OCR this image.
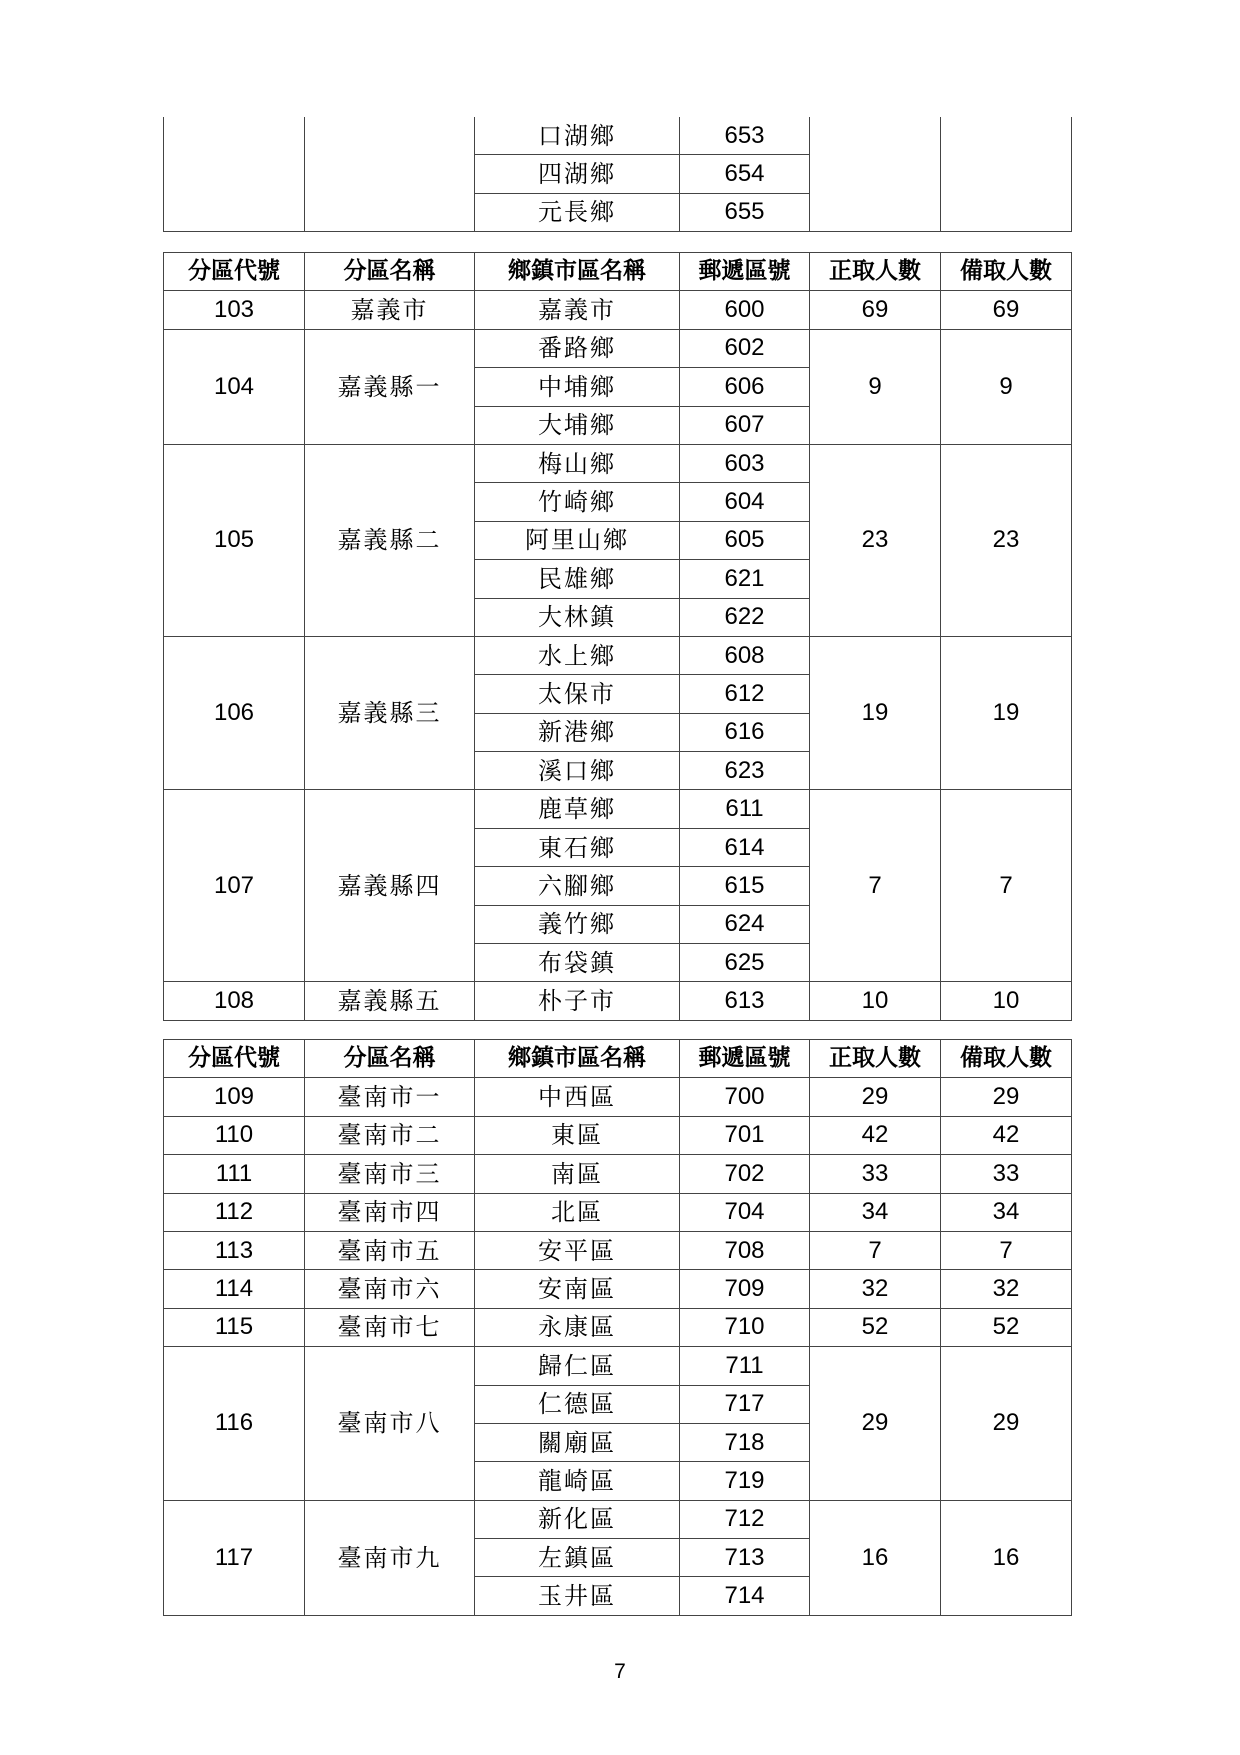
		口湖鄉	653		
		四湖鄉	654		
		元長鄉	655		
分區代號	分區名稱	鄉鎮市區名稱	郵遞區號	正取人數	備取人數
103	嘉義市	嘉義市	600	69	69
104	嘉義縣一	番路鄉	602	9	9
		中埔鄉	606		
		大埔鄉	607		
105	嘉義縣二	梅山鄉	603	23	23
		竹崎鄉	604		
		阿里山鄉	605		
		民雄鄉	621		
		大林鎮	622		
106	嘉義縣三	水上鄉	608	19	19
		太保市	612		
		新港鄉	616		
		溪口鄉	623		
107	嘉義縣四	鹿草鄉	611	7	7
		東石鄉	614		
		六腳鄉	615		
		義竹鄉	624		
		布袋鎮	625		
108	嘉義縣五	朴子市	613	10	10
分區代號	分區名稱	鄉鎮市區名稱	郵遞區號	正取人數	備取人數
109	臺南市一	中西區	700	29	29
110	臺南市二	東區	701	42	42
111	臺南市三	南區	702	33	33
112	臺南市四	北區	704	34	34
113	臺南市五	安平區	708	7	7
114	臺南市六	安南區	709	32	32
115	臺南市七	永康區	710	52	52
116	臺南市八	歸仁區	711	29	29
		仁德區	717		
		關廟區	718		
		龍崎區	719		
117	臺南市九	新化區	712	16	16
		左鎮區	713		
		玉井區	714		
7
